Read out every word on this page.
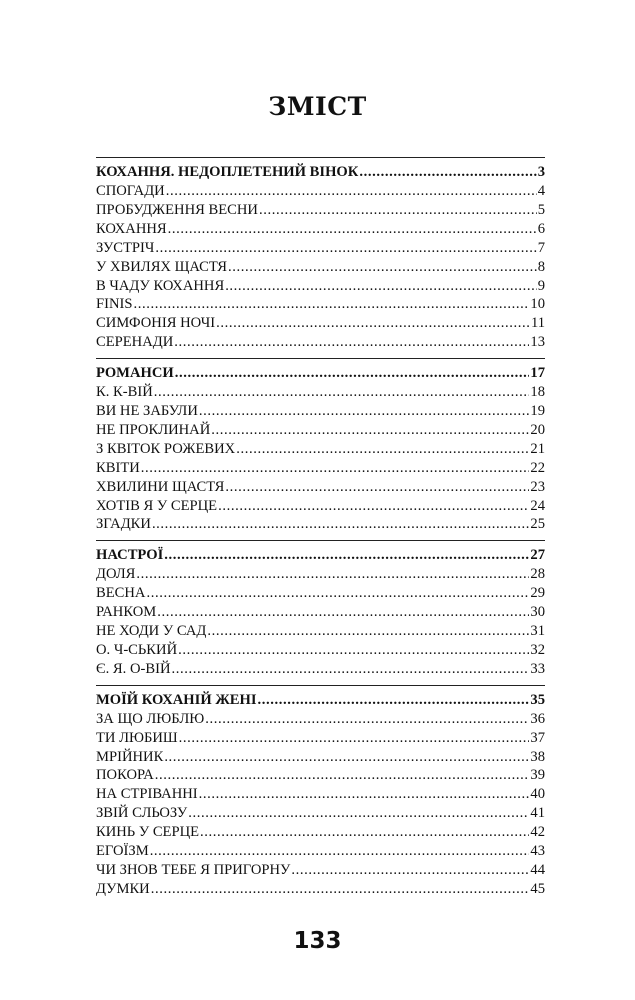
ЗМІСТ
КОХАННЯ. НЕДОПЛЕТЕНИЙ ВІНОК .....	3
СПОГАДИ .....	4
ПРОБУДЖЕННЯ ВЕСНИ .....	5
КОХАННЯ .....	6
ЗУСТРІЧ .....	7
У ХВИЛЯХ ЩАСТЯ .....	8
В ЧАДУ КОХАННЯ .....	9
FINIS .....	10
СИМФОНІЯ НОЧІ .....	11
СЕРЕНАДИ .....	13
РОМАНСИ .....	17
К. К-ВІЙ .....	18
ВИ НЕ ЗАБУЛИ .....	19
НЕ ПРОКЛИНАЙ .....	20
З КВІТОК РОЖЕВИХ .....	21
КВІТИ .....	22
ХВИЛИНИ ЩАСТЯ .....	23
ХОТІВ Я У СЕРЦЕ .....	24
ЗГАДКИ .....	25
НАСТРОЇ .....	27
ДОЛЯ .....	28
ВЕСНА .....	29
РАНКОМ .....	30
НЕ ХОДИ У САД .....	31
О. Ч-СЬКИЙ .....	32
Є. Я. О-ВІЙ .....	33
МОЇЙ КОХАНІЙ ЖЕНІ .....	35
ЗА ЩО ЛЮБЛЮ .....	36
ТИ ЛЮБИШ .....	37
МРІЙНИК .....	38
ПОКОРА .....	39
НА СТРІВАННІ .....	40
ЗВІЙ СЛЬОЗУ .....	41
КИНЬ У СЕРЦЕ .....	42
ЕГОЇЗМ .....	43
ЧИ ЗНОВ ТЕБЕ Я ПРИГОРНУ .....	44
ДУМКИ .....	45
133
